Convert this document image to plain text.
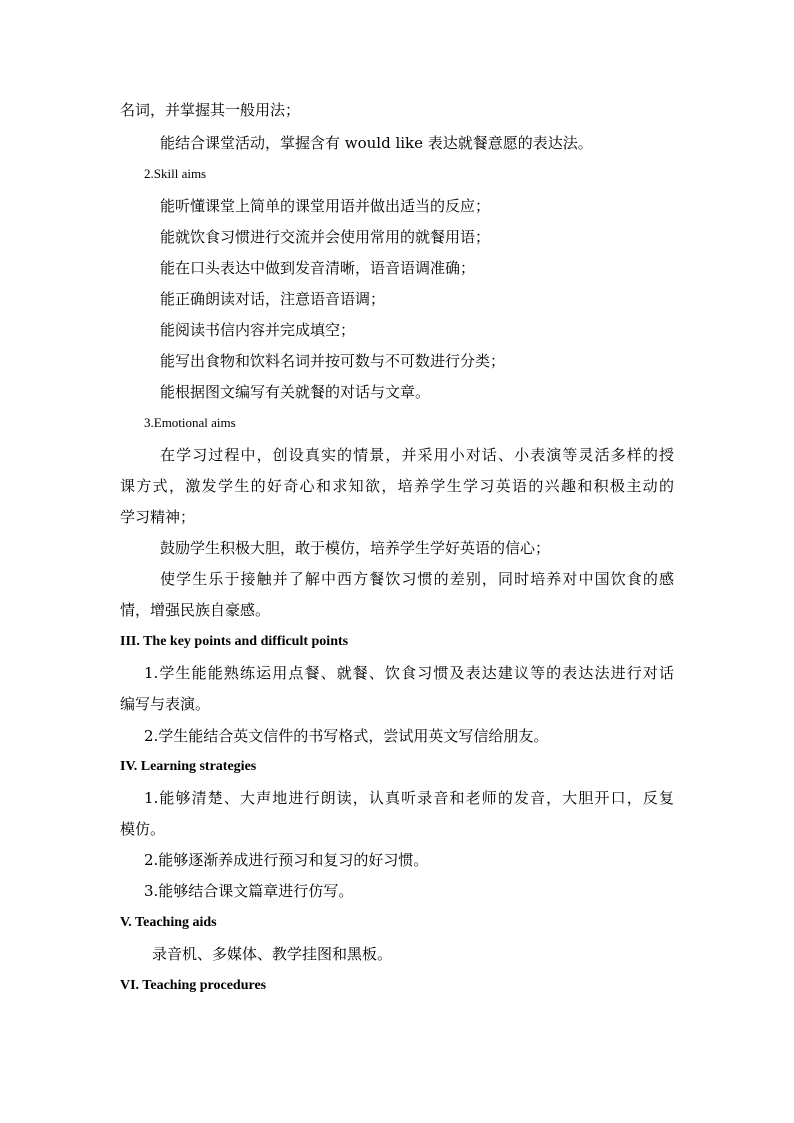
名词，并掌握其一般用法；
能结合课堂活动，掌握含有 would like 表达就餐意愿的表达法。
2.Skill aims
能听懂课堂上简单的课堂用语并做出适当的反应；
能就饮食习惯进行交流并会使用常用的就餐用语；
能在口头表达中做到发音清晰，语音语调准确；
能正确朗读对话，注意语音语调；
能阅读书信内容并完成填空；
能写出食物和饮料名词并按可数与不可数进行分类；
能根据图文编写有关就餐的对话与文章。
3.Emotional aims
在学习过程中，创设真实的情景，并采用小对话、小表演等灵活多样的授
课方式，激发学生的好奇心和求知欲，培养学生学习英语的兴趣和积极主动的
学习精神；
鼓励学生积极大胆，敢于模仿，培养学生学好英语的信心；
使学生乐于接触并了解中西方餐饮习惯的差别，同时培养对中国饮食的感
情，增强民族自豪感。
III. The key points and difficult points
1.学生能能熟练运用点餐、就餐、饮食习惯及表达建议等的表达法进行对话
编写与表演。
2.学生能结合英文信件的书写格式，尝试用英文写信给朋友。
IV. Learning strategies
1.能够清楚、大声地进行朗读，认真听录音和老师的发音，大胆开口，反复
模仿。
2.能够逐渐养成进行预习和复习的好习惯。
3.能够结合课文篇章进行仿写。
V. Teaching aids
录音机、多媒体、教学挂图和黑板。
VI. Teaching procedures
